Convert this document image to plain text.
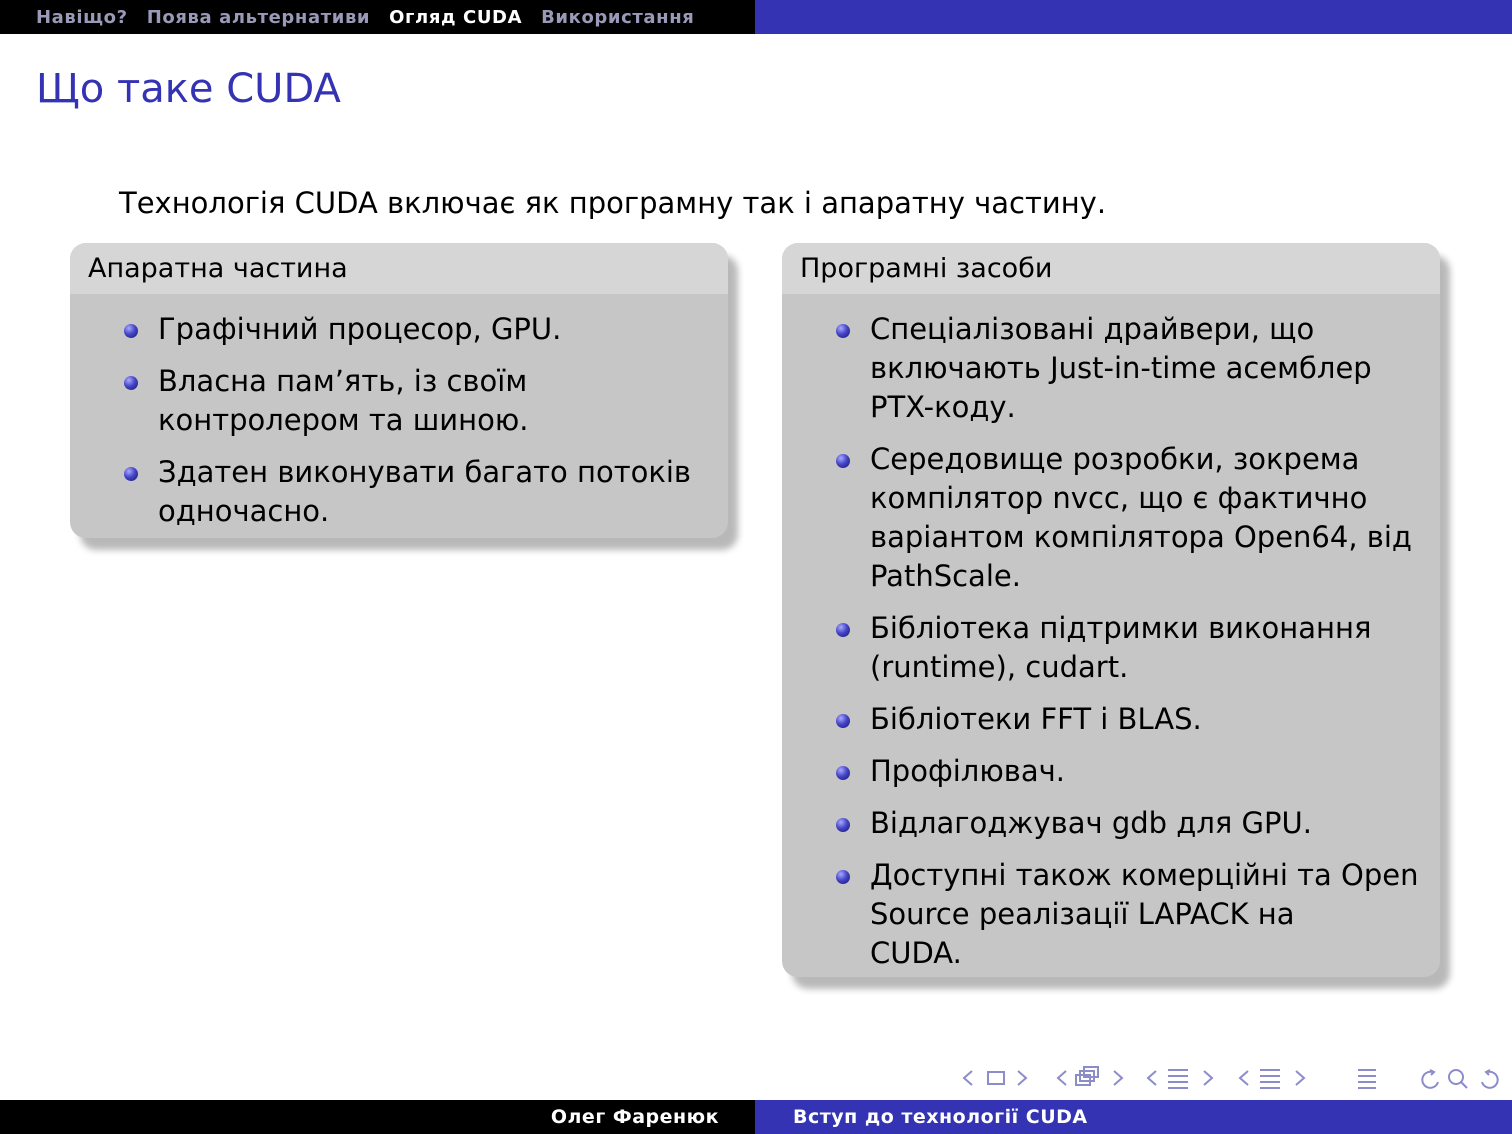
Навіщо? Поява альтернативи Огляд CUDA Використання
Що таке CUDA
Технологія CUDA включає як програмну так і апаратну частину.
Апаратна частина
Графічний процесор, GPU.
Власна пам’ять, із своїм
контролером та шиною.
Здатен виконувати багато потоків
одночасно.
Програмні засоби
Спеціалізовані драйвери, що
включають Just-in-time асемблер
PTX-коду.
Середовище розробки, зокрема
компілятор nvcc, що є фактично
варіантом компілятора Open64, від
PathScale.
Бібліотека підтримки виконання
(runtime), cudart.
Бібліотеки FFT і BLAS.
Профілювач.
Відлагоджувач gdb для GPU.
Доступні також комерційні та Open
Source реалізації LAPACK на
CUDA.
Олег Фаренюк	Вступ до технології CUDA
